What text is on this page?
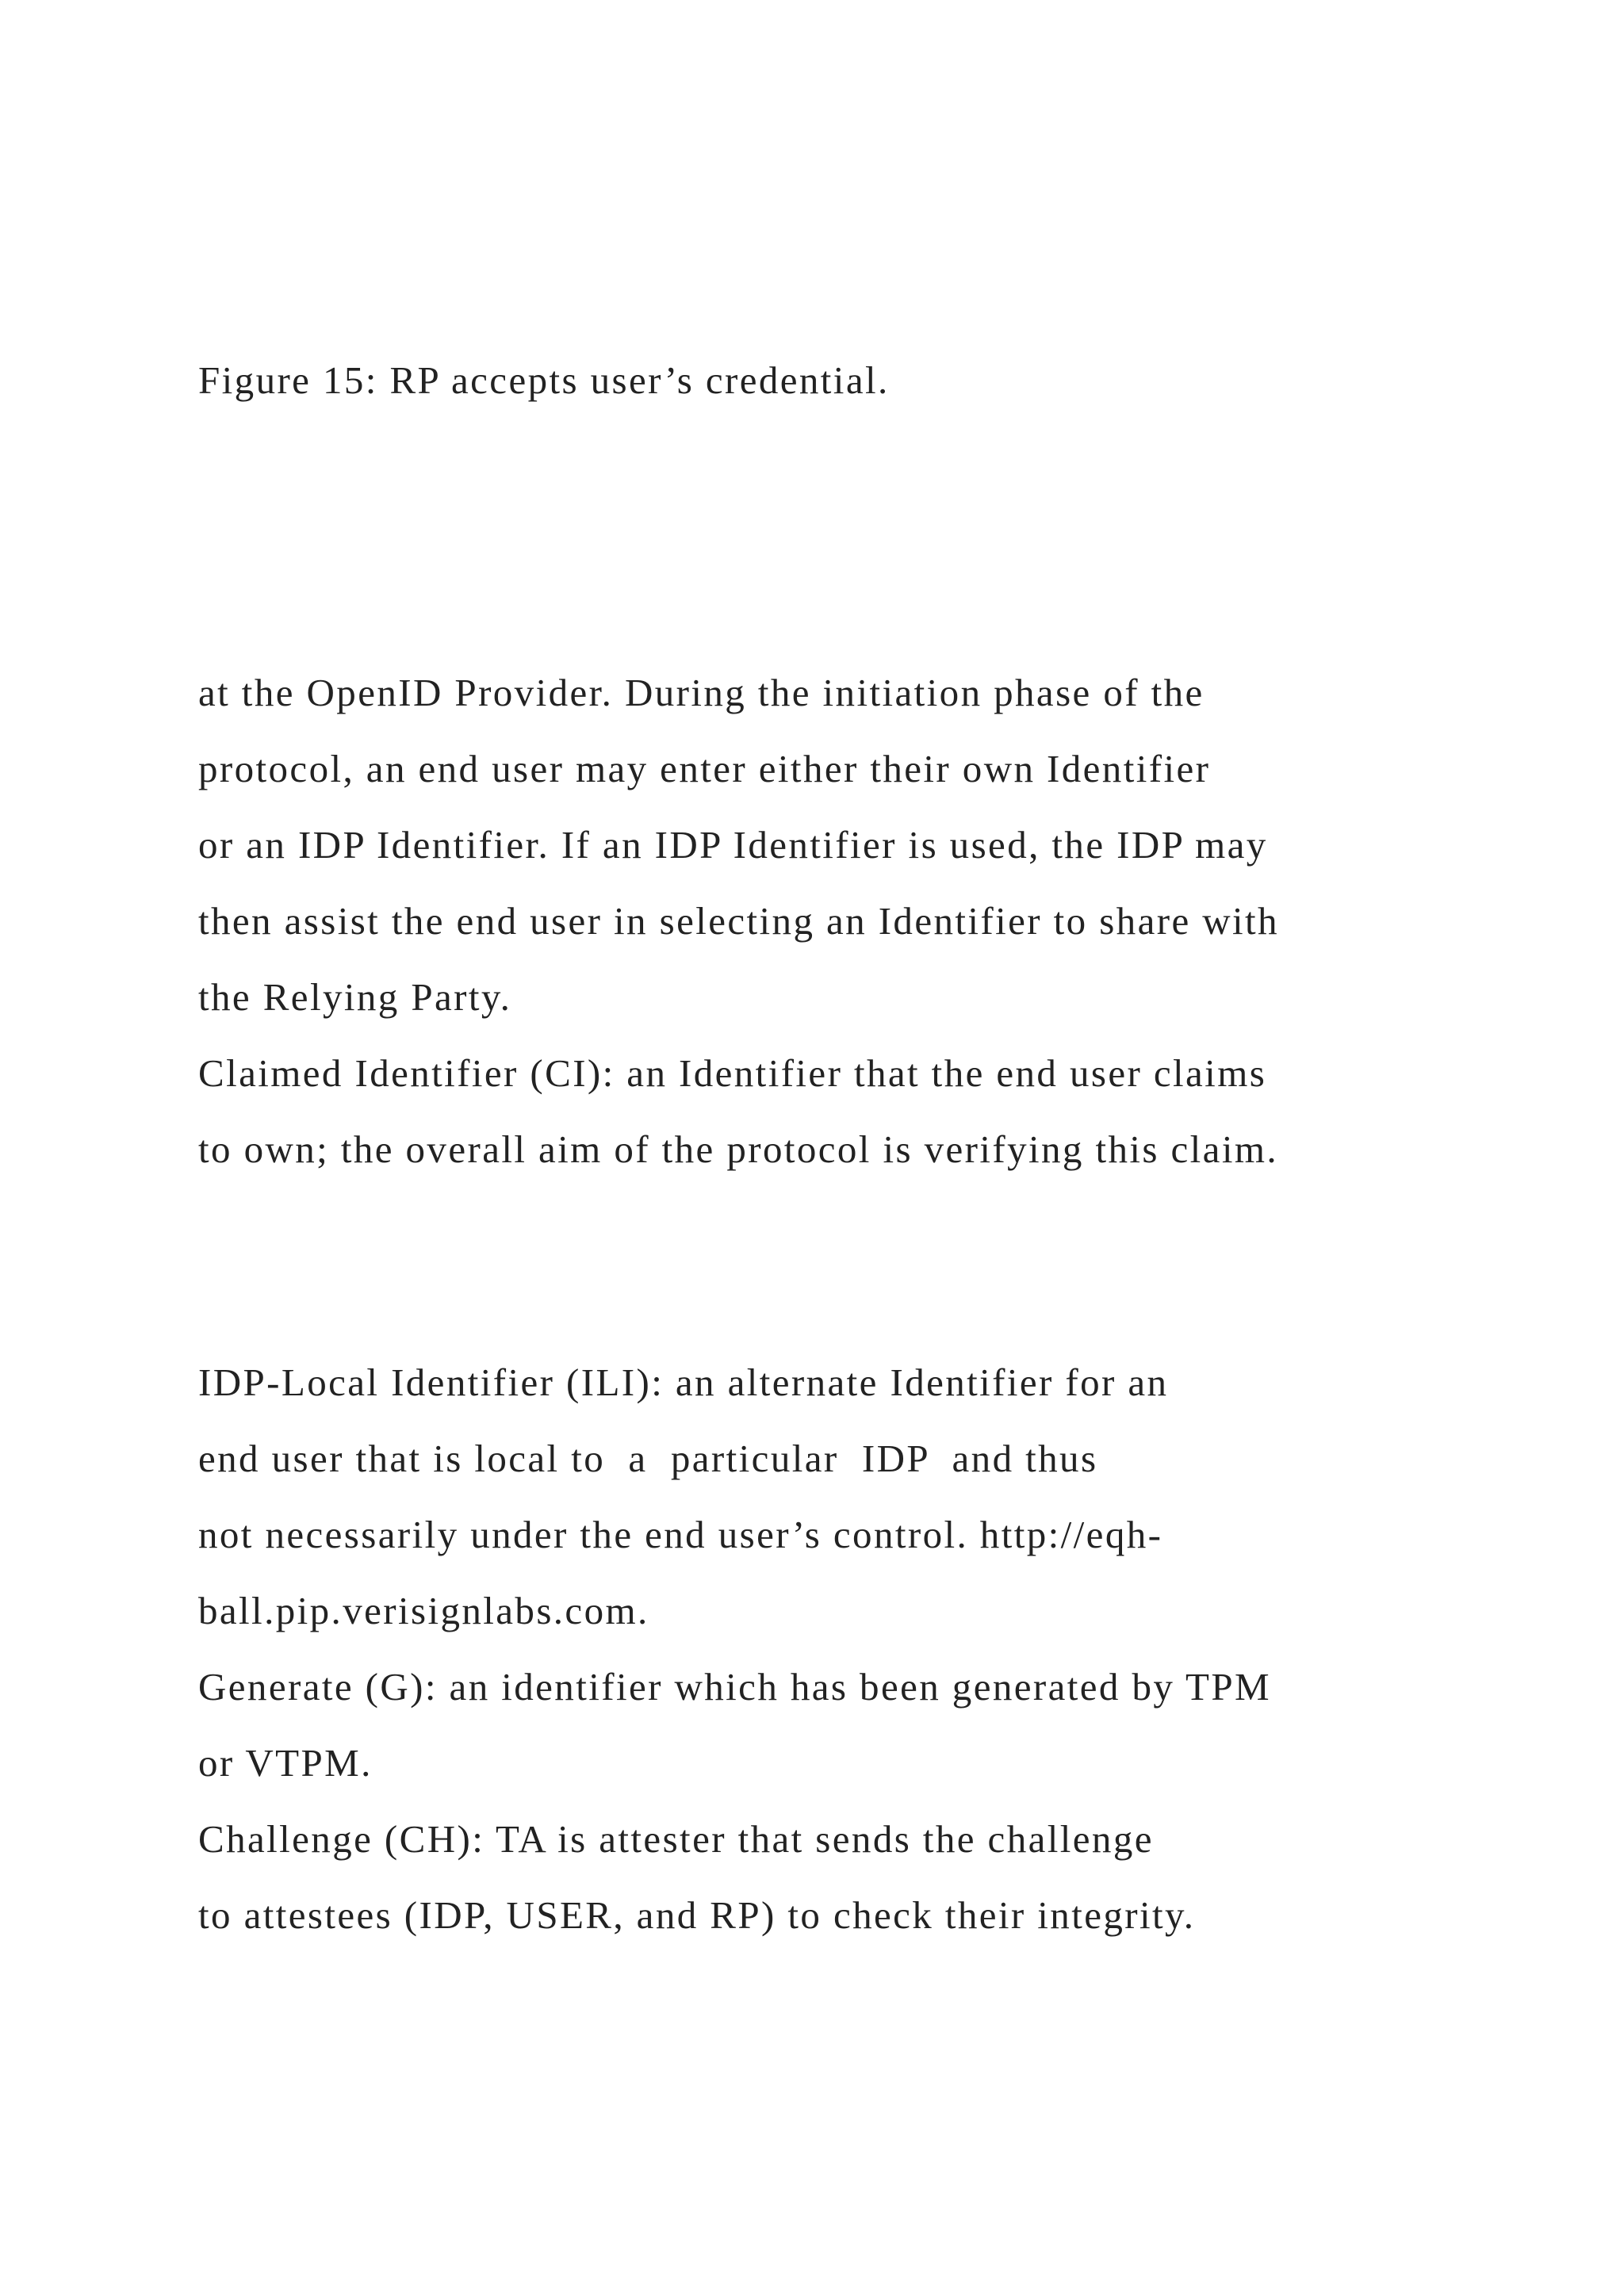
Figure 15: RP accepts user’s credential.

at the OpenID Provider. During the initiation phase of the

protocol, an end user may enter either their own Identifier

or an IDP Identifier. If an IDP Identifier is used, the IDP may

then assist the end user in selecting an Identifier to share with

the Relying Party.

Claimed Identifier (CI): an Identifier that the end user claims

to own; the overall aim of the protocol is verifying this claim.

IDP-Local Identifier (ILI): an alternate Identifier for an

end user that is local to  a  particular  IDP  and thus

not necessarily under the end user’s control. http://eqh-

ball.pip.verisignlabs.com.

Generate (G): an identifier which has been generated by TPM

or VTPM.

Challenge (CH): TA is attester that sends the challenge

to attestees (IDP, USER, and RP) to check their integrity.
